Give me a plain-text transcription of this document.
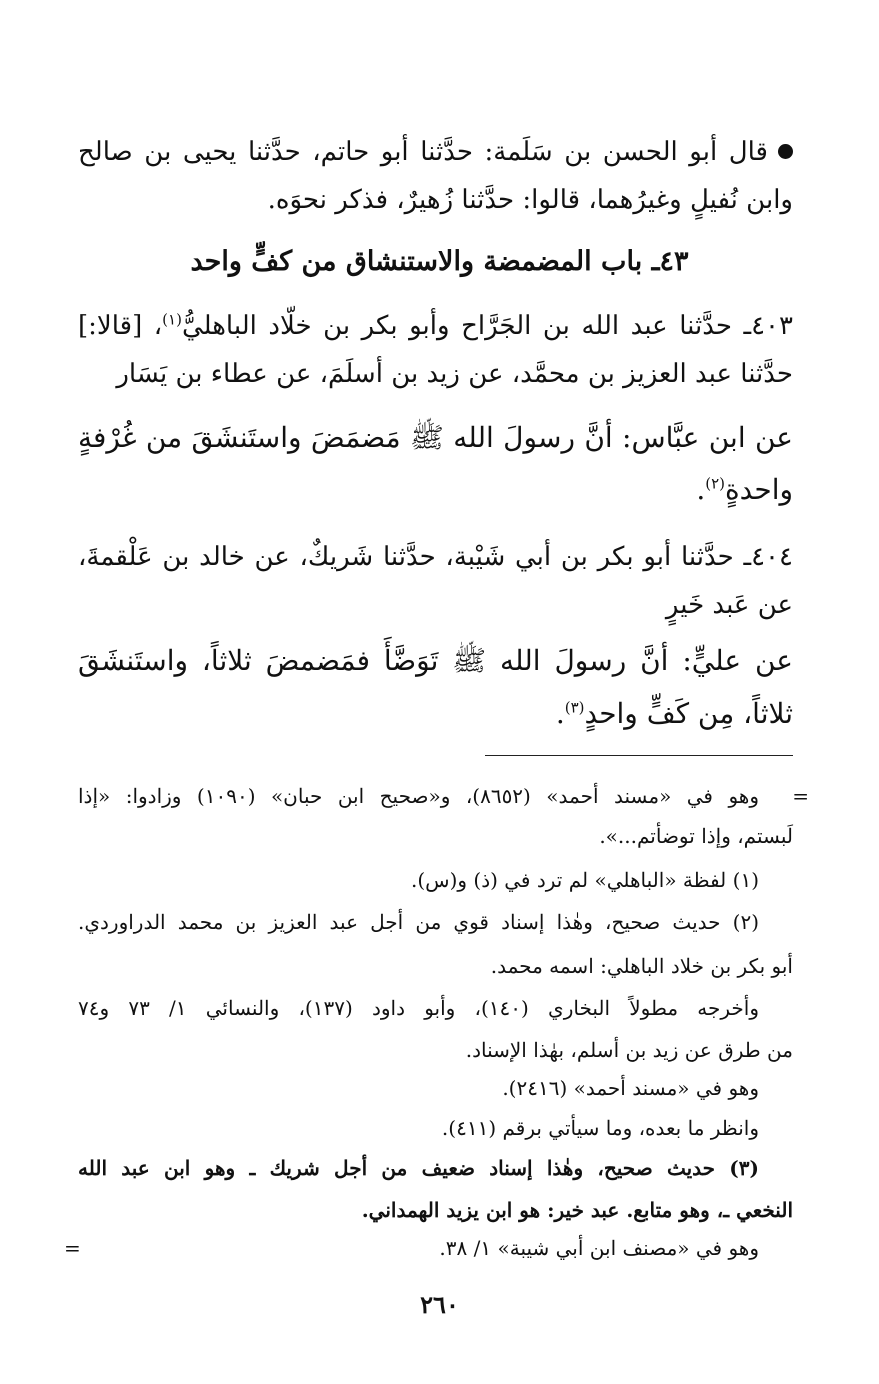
قال أبو الحسن بن سَلَمة: حدَّثنا أبو حاتم، حدَّثنا يحيى بن صالح
وابن نُفيلٍ وغيرُهما، قالوا: حدَّثنا زُهيرٌ، فذكر نحوَه.
٤٣ـ باب المضمضة والاستنشاق من كفٍّ واحد
٤٠٣ـ حدَّثنا عبد الله بن الجَرَّاح وأبو بكر بن خلّاد الباهليُّ$^{(١)}$، [قالا:]
حدَّثنا عبد العزيز بن محمَّد، عن زيد بن أسلَمَ، عن عطاء بن يَسَار
عن ابن عبَّاس: أنَّ رسولَ الله ﷺ مَضمَضَ واستَنشَقَ من غُرْفةٍ
واحدةٍ$^{(٢)}$.
٤٠٤ـ حدَّثنا أبو بكر بن أبي شَيْبة، حدَّثنا شَريكٌ، عن خالد بن عَلْقمةَ،
عن عَبد خَيرٍ
عن عليٍّ: أنَّ رسولَ الله ﷺ تَوَضَّأَ فمَضمضَ ثلاثاً، واستَنشَقَ
ثلاثاً، مِن كَفٍّ واحدٍ$^{(٣)}$.
=
وهو في «مسند أحمد» (٨٦٥٢)، و«صحيح ابن حبان» (١٠٩٠) وزادوا: «إذا
لَبستم، وإذا توضأتم...».
(١) لفظة «الباهلي» لم ترد في (ذ) و(س).
(٢) حديث صحيح، وهٰذا إسناد قوي من أجل عبد العزيز بن محمد الدراوردي.
أبو بكر بن خلاد الباهلي: اسمه محمد.
وأخرجه مطولاً البخاري (١٤٠)، وأبو داود (١٣٧)، والنسائي ١/ ٧٣ و٧٤
من طرق عن زيد بن أسلم، بهٰذا الإسناد.
وهو في «مسند أحمد» (٢٤١٦).
وانظر ما بعده، وما سيأتي برقم (٤١١).
(٣) حديث صحيح، وهٰذا إسناد ضعيف من أجل شريك ـ وهو ابن عبد الله
النخعي ـ، وهو متابع. عبد خير: هو ابن يزيد الهمداني.
وهو في «مصنف ابن أبي شيبة» ١/ ٣٨.
=
٢٦٠
